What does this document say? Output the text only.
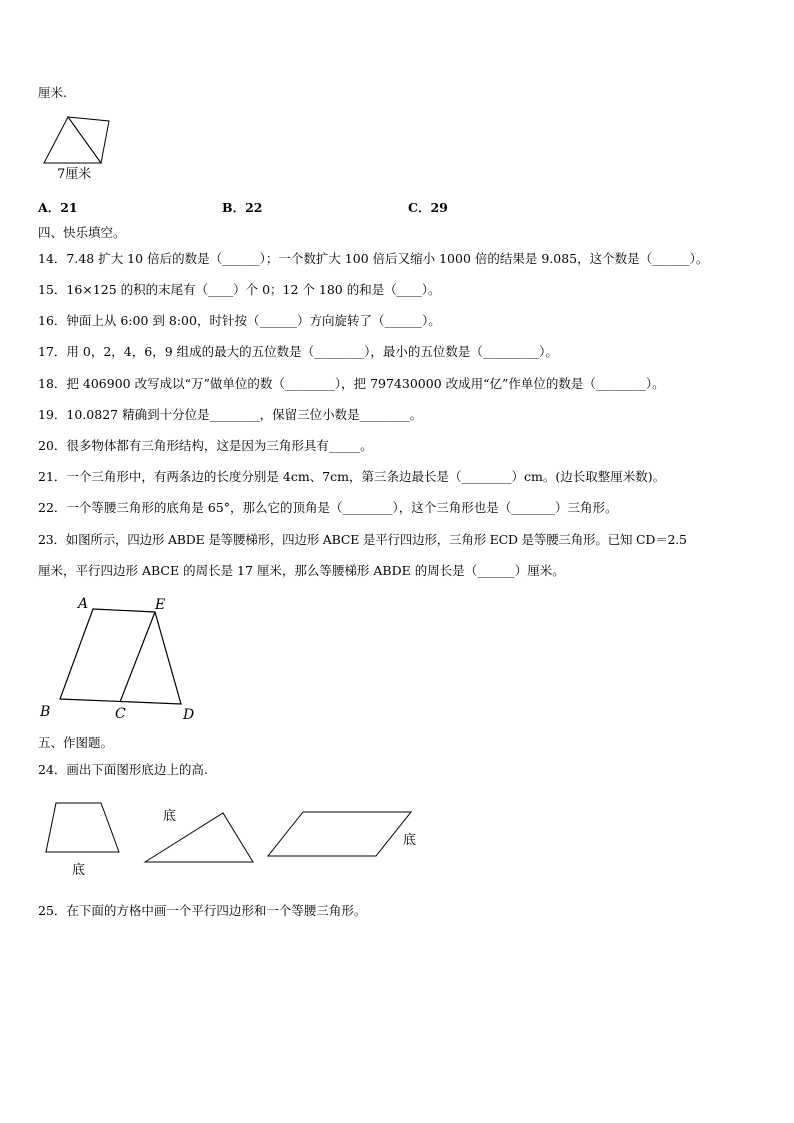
厘米.
7厘米
A．21	B．22	C．29
四、快乐填空。
14．7.48 扩大 10 倍后的数是（______）；一个数扩大 100 倍后又缩小 1000 倍的结果是 9.085，这个数是（______）。
15．16×125 的积的末尾有（____）个 0；12 个 180 的和是（____）。
16．钟面上从 6:00 到 8:00，时针按（______）方向旋转了（______）。
17．用 0，2，4，6，9 组成的最大的五位数是（________），最小的五位数是（_________）。
18．把 406900 改写成以“万”做单位的数（________），把 797430000 改成用“亿”作单位的数是（________）。
19．10.0827 精确到十分位是________，保留三位小数是________。
20．很多物体都有三角形结构，这是因为三角形具有_____。
21．一个三角形中，有两条边的长度分别是 4cm、7cm，第三条边最长是（________）cm。(边长取整厘米数)。
22．一个等腰三角形的底角是 65°，那么它的顶角是（________），这个三角形也是（_______）三角形。
23．如图所示，四边形 ABDE 是等腰梯形，四边形 ABCE 是平行四边形，三角形 ECD 是等腰三角形。已知 CD＝2.5
厘米，平行四边形 ABCE 的周长是 17 厘米，那么等腰梯形 ABDE 的周长是（______）厘米。
A	E
B	C	D
五、作图题。
24．画出下面图形底边上的高.
底
底
底
25．在下面的方格中画一个平行四边形和一个等腰三角形。
